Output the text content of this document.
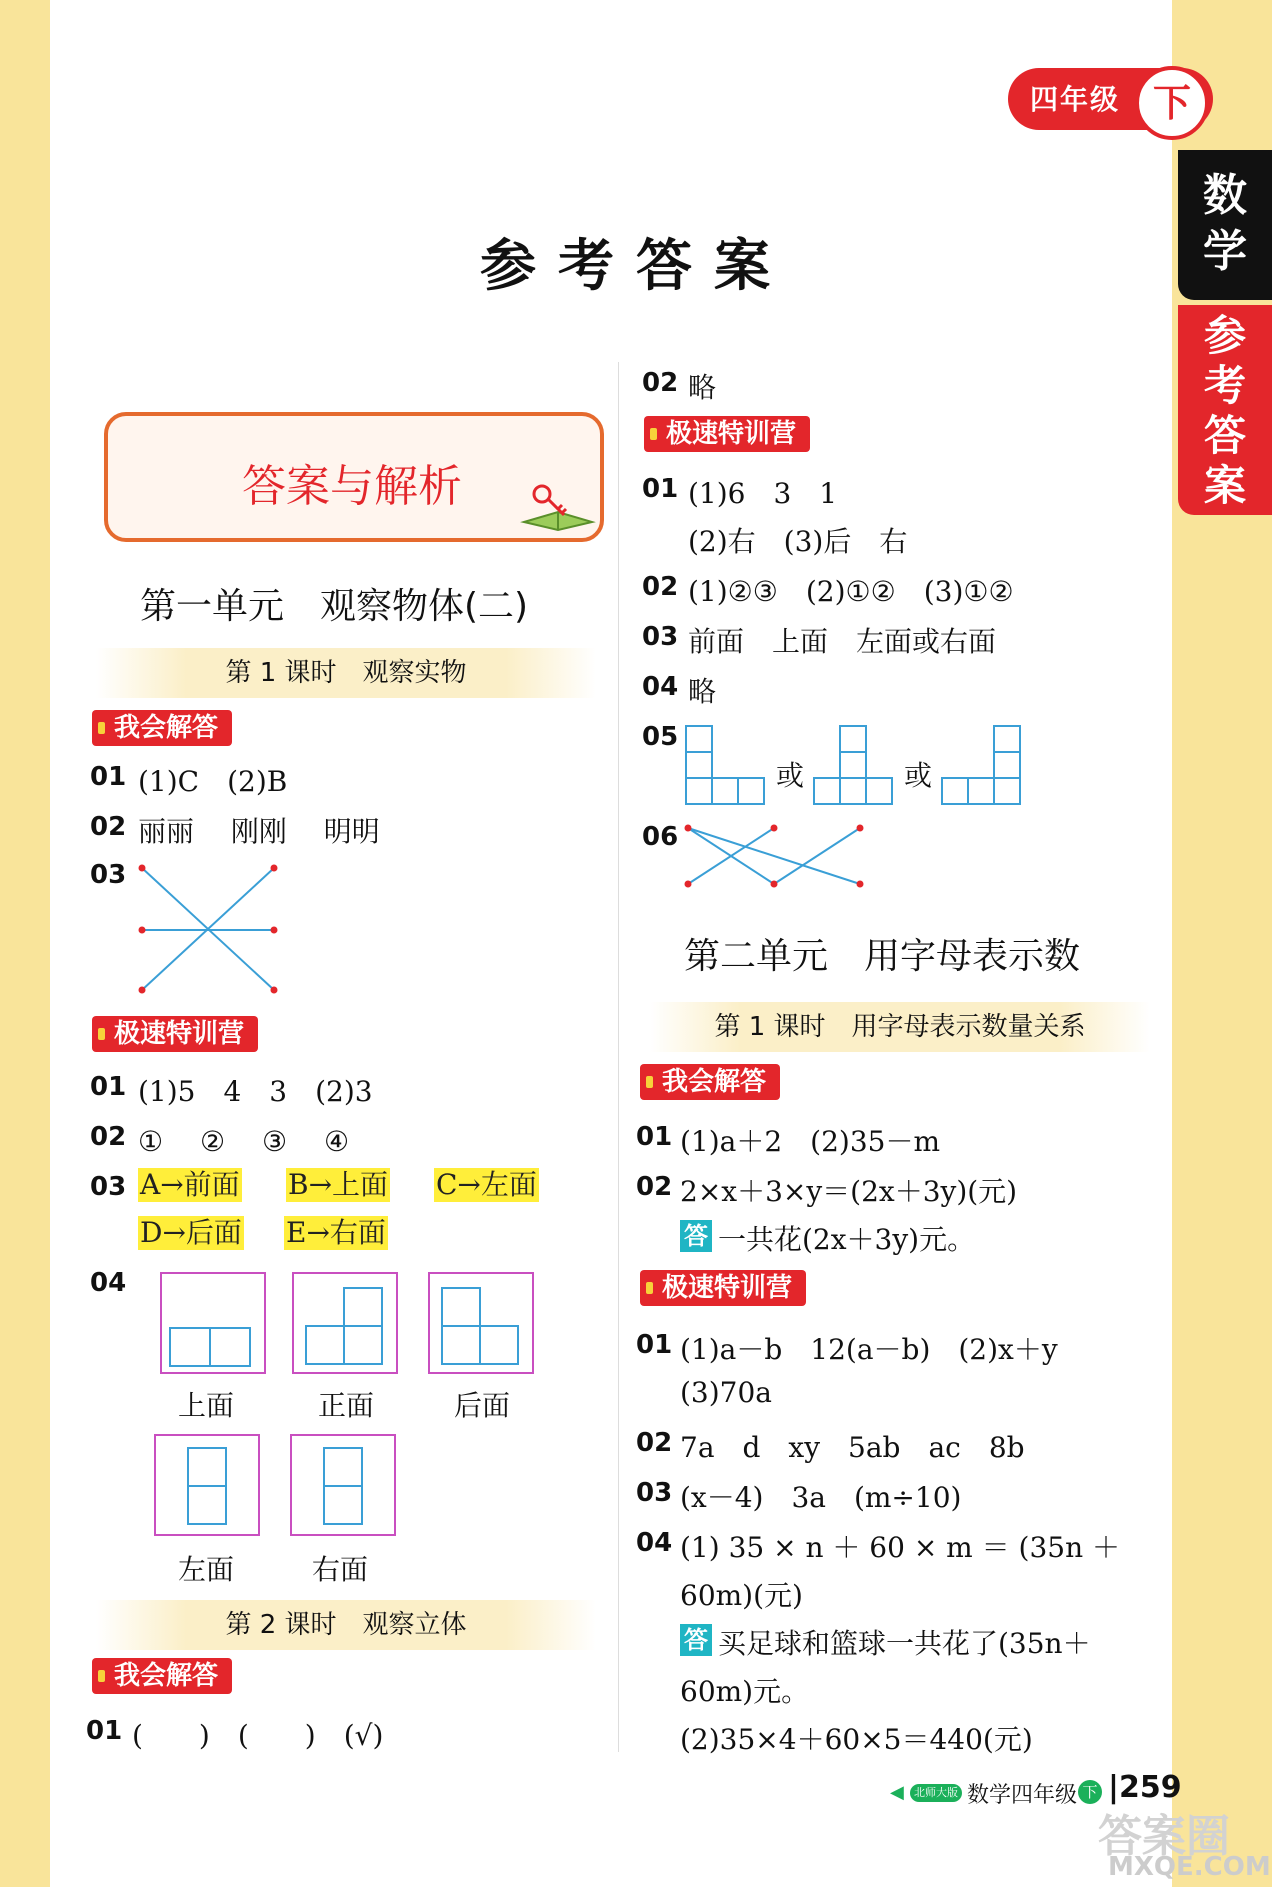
四年级 下
数
学
参
考
答
案
参考答案
答案与解析
第一单元　观察物体(二)
第 1 课时　观察实物
我会解答
01 (1)C　(2)B
02 丽丽　 刚刚　 明明
03
极速特训营
01 (1)5　4　3　(2)3
02 ①　 ②　 ③　 ④
03 A→前面 B→上面 C→左面
D→后面 E→右面
04
上面	正面	后面
左面	右面
第 2 课时　观察立体
我会解答
01 (　　)　(　　)　(√)
02 略
极速特训营
01 (1)6　3　1
(2)右　(3)后　右
02 (1)②③　(2)①②　(3)①②
03 前面　上面　左面或右面
04 略
05
或	或
06
第二单元　用字母表示数
第 1 课时　用字母表示数量关系
我会解答
01 (1)a＋2　(2)35－m
02 2×x＋3×y＝(2x＋3y)(元)
答 一共花(2x＋3y)元。
极速特训营
01 (1)a－b　12(a－b)　(2)x＋y
(3)70a
02 7a　d　xy　5ab　ac　8b
03 (x－4)　3a　(m÷10)
04 (1) 35 × n ＋ 60 × m ＝ (35n ＋
60m)(元)
答 买足球和篮球一共花了(35n＋
60m)元。
(2)35×4＋60×5＝440(元)
◀ 北师大版 数学四年级 下 |259
答案圈
MXQE.COM
